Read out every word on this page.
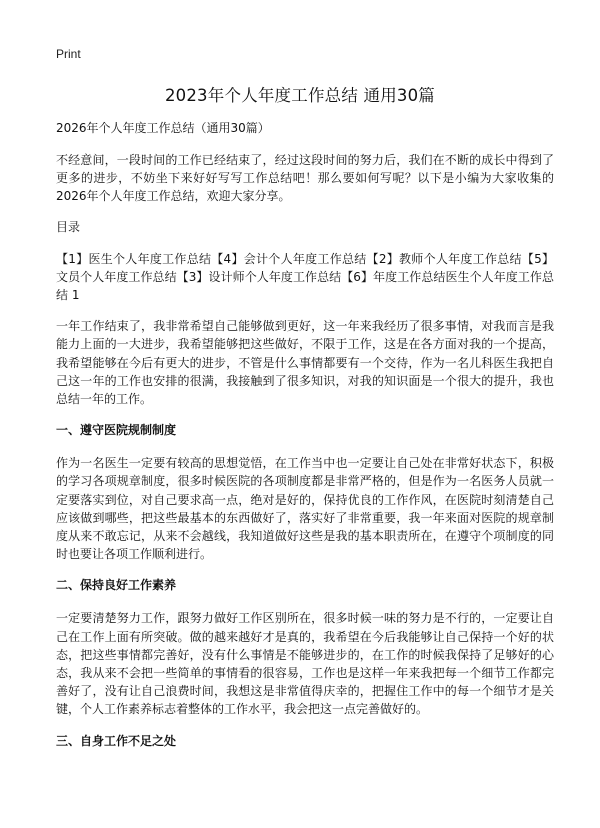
Print
2023年个人年度工作总结 通用30篇

2026年个人年度工作总结（通用30篇）

不经意间，一段时间的工作已经结束了，经过这段时间的努力后，我们在不断的成长中得到了更多的进步，不妨坐下来好好写写工作总结吧！那么要如何写呢？以下是小编为大家收集的2026年个人年度工作总结，欢迎大家分享。

目录

【1】医生个人年度工作总结【4】会计个人年度工作总结【2】教师个人年度工作总结【5】文员个人年度工作总结【3】设计师个人年度工作总结【6】年度工作总结医生个人年度工作总结 1

一年工作结束了，我非常希望自己能够做到更好，这一年来我经历了很多事情，对我而言是我能力上面的一大进步，我希望能够把这些做好，不限于工作，这是在各方面对我的一个提高，我希望能够在今后有更大的进步，不管是什么事情都要有一个交待，作为一名儿科医生我把自己这一年的工作也安排的很满，我接触到了很多知识，对我的知识面是一个很大的提升，我也总结一年的工作。

一、遵守医院规制制度

作为一名医生一定要有较高的思想觉悟，在工作当中也一定要让自己处在非常好状态下，积极的学习各项规章制度，很多时候医院的各项制度都是非常严格的，但是作为一名医务人员就一定要落实到位，对自己要求高一点，绝对是好的，保持优良的工作作风，在医院时刻清楚自己应该做到哪些，把这些最基本的东西做好了，落实好了非常重要，我一年来面对医院的规章制度从来不敢忘记，从来不会越线，我知道做好这些是我的基本职责所在，在遵守个项制度的同时也要让各项工作顺利进行。

二、保持良好工作素养

一定要清楚努力工作，跟努力做好工作区别所在，很多时候一味的努力是不行的，一定要让自己在工作上面有所突破。做的越来越好才是真的，我希望在今后我能够让自己保持一个好的状态，把这些事情都完善好，没有什么事情是不能够进步的，在工作的时候我保持了足够好的心态，我从来不会把一些简单的事情看的很容易，工作也是这样一年来我把每一个细节工作都完善好了，没有让自己浪费时间，我想这是非常值得庆幸的，把握住工作中的每一个细节才是关键，个人工作素养标志着整体的工作水平，我会把这一点完善做好的。

三、自身工作不足之处
